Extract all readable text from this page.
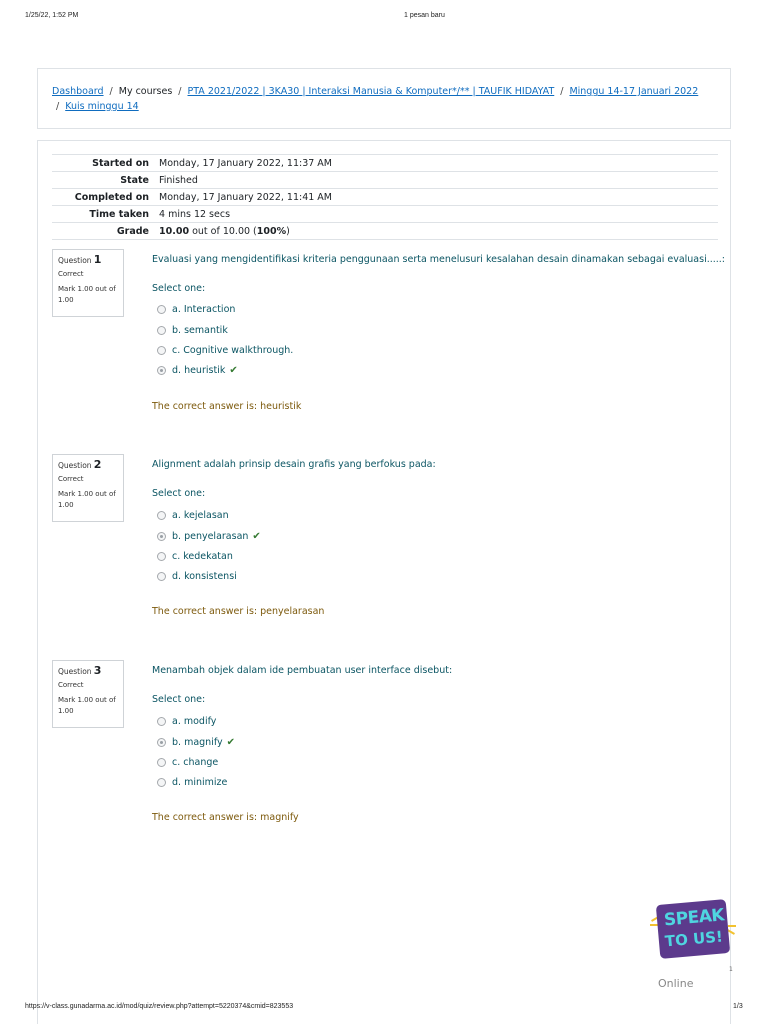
1/25/22, 1:52 PM	1 pesan baru
Dashboard / My courses / PTA 2021/2022 | 3KA30 | Interaksi Manusia & Komputer*/** | TAUFIK HIDAYAT / Minggu 14-17 Januari 2022
/ Kuis minggu 14
Started on	Monday, 17 January 2022, 11:37 AM
State	Finished
Completed on	Monday, 17 January 2022, 11:41 AM
Time taken	4 mins 12 secs
Grade	10.00 out of 10.00 (100%)
Question 1
Correct
Mark 1.00 out of 1.00
Evaluasi yang mengidentifikasi kriteria penggunaan serta menelusuri kesalahan desain dinamakan sebagai evaluasi.....:
Select one:
a. Interaction
b. semantik
c. Cognitive walkthrough.
d. heuristik ✔
The correct answer is: heuristik
Question 2
Correct
Mark 1.00 out of 1.00
Alignment adalah prinsip desain grafis yang berfokus pada:
Select one:
a. kejelasan
b. penyelarasan ✔
c. kedekatan
d. konsistensi
The correct answer is: penyelarasan
Question 3
Correct
Mark 1.00 out of 1.00
Menambah objek dalam ide pembuatan user interface disebut:
Select one:
a. modify
b. magnify ✔
c. change
d. minimize
The correct answer is: magnify
SPEAK
TO US!
1
Online
https://v-class.gunadarma.ac.id/mod/quiz/review.php?attempt=5220374&cmid=823553	1/3
